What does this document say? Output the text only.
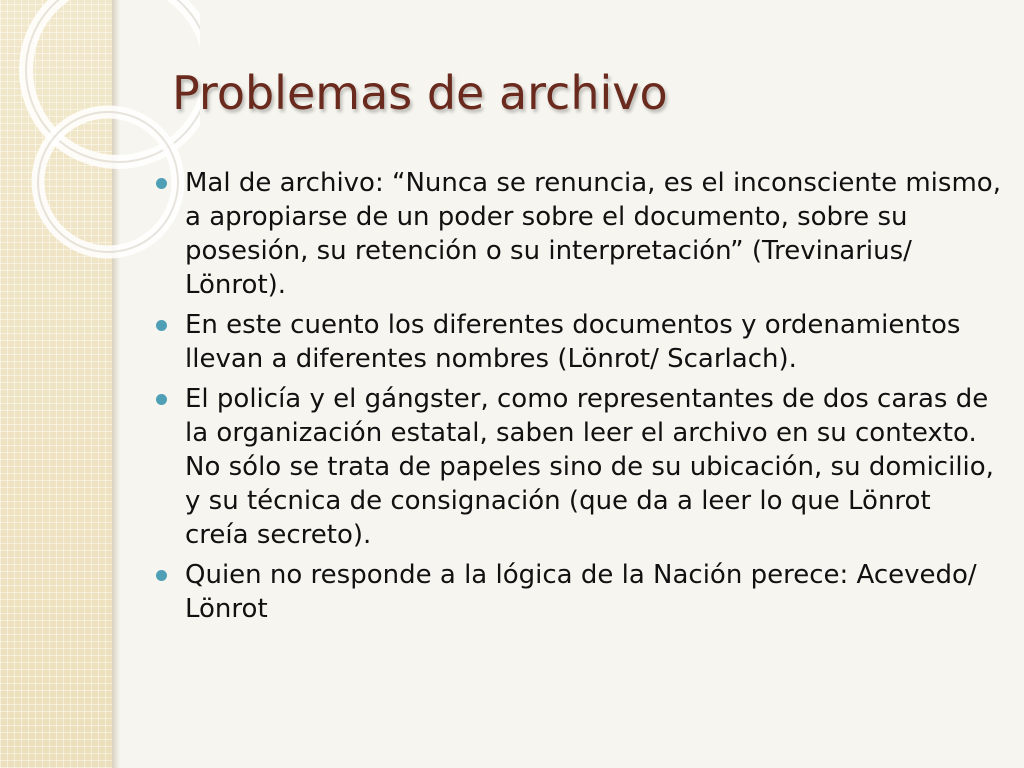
Problemas de archivo
Mal de archivo: “Nunca se renuncia, es el inconsciente mismo, a apropiarse de un poder sobre el documento, sobre su posesión, su retención o su interpretación” (Trevinarius/ Lönrot).
En este cuento los diferentes documentos y ordenamientos llevan a diferentes nombres (Lönrot/ Scarlach).
El policía y el gángster, como representantes de dos caras de la organización estatal, saben leer el archivo en su contexto. No sólo se trata de papeles sino de su ubicación, su domicilio, y su técnica de consignación (que da a leer lo que Lönrot creía secreto).
Quien no responde a la lógica de la Nación perece: Acevedo/ Lönrot
